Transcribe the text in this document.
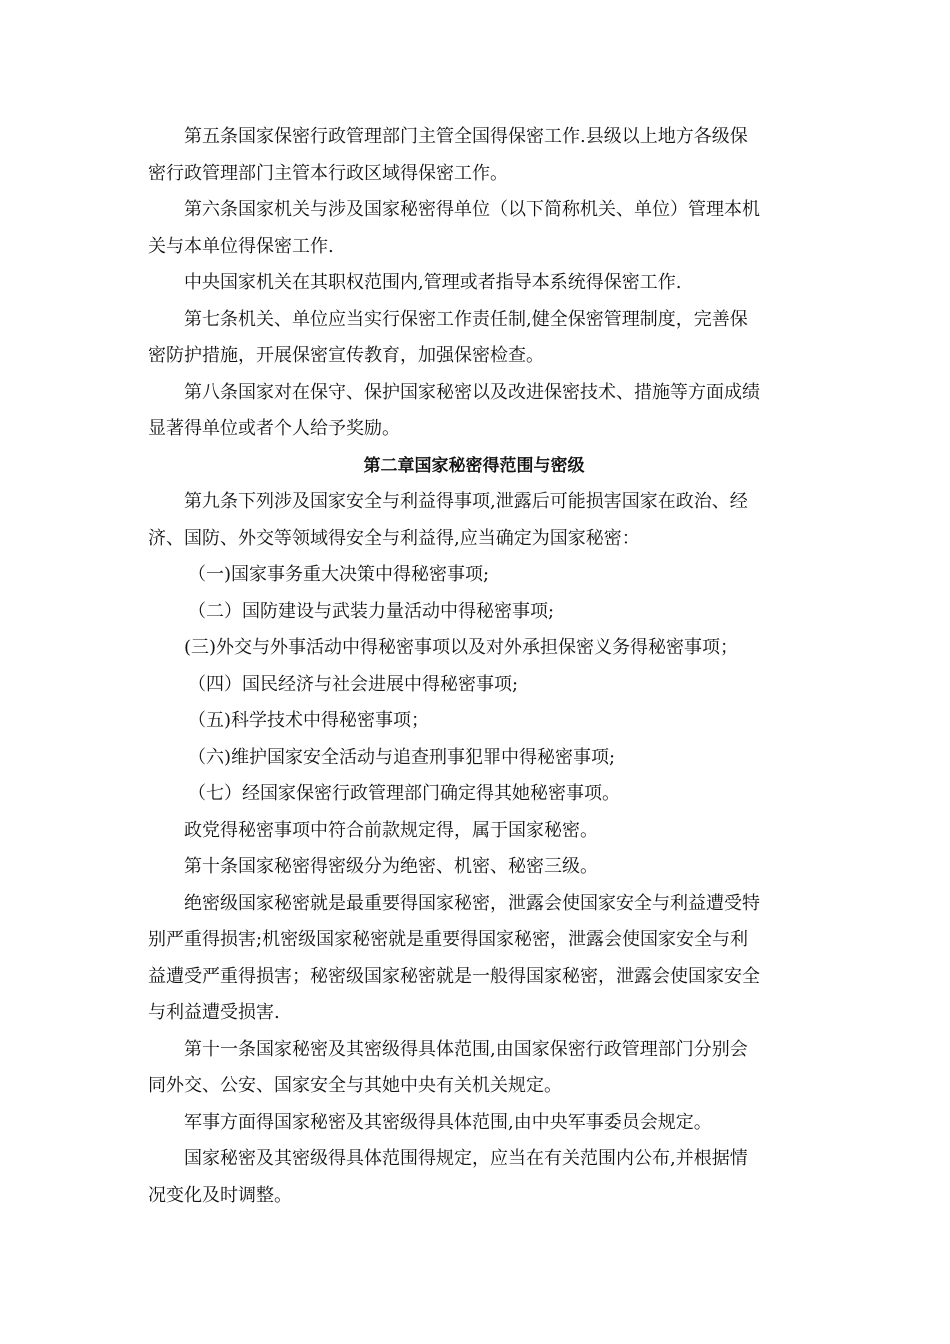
第五条国家保密行政管理部门主管全国得保密工作.县级以上地方各级保
密行政管理部门主管本行政区域得保密工作。
第六条国家机关与涉及国家秘密得单位（以下简称机关、单位）管理本机
关与本单位得保密工作.
中央国家机关在其职权范围内,管理或者指导本系统得保密工作.
第七条机关、单位应当实行保密工作责任制,健全保密管理制度，完善保
密防护措施，开展保密宣传教育，加强保密检查。
第八条国家对在保守、保护国家秘密以及改进保密技术、措施等方面成绩
显著得单位或者个人给予奖励。
第二章国家秘密得范围与密级
第九条下列涉及国家安全与利益得事项,泄露后可能损害国家在政治、经
济、国防、外交等领域得安全与利益得,应当确定为国家秘密：
（一)国家事务重大决策中得秘密事项;
（二）国防建设与武装力量活动中得秘密事项;
(三)外交与外事活动中得秘密事项以及对外承担保密义务得秘密事项；
（四）国民经济与社会进展中得秘密事项;
（五)科学技术中得秘密事项；
（六)维护国家安全活动与追查刑事犯罪中得秘密事项;
（七）经国家保密行政管理部门确定得其她秘密事项。
政党得秘密事项中符合前款规定得，属于国家秘密。
第十条国家秘密得密级分为绝密、机密、秘密三级。
绝密级国家秘密就是最重要得国家秘密，泄露会使国家安全与利益遭受特
别严重得损害;机密级国家秘密就是重要得国家秘密，泄露会使国家安全与利
益遭受严重得损害；秘密级国家秘密就是一般得国家秘密，泄露会使国家安全
与利益遭受损害.
第十一条国家秘密及其密级得具体范围,由国家保密行政管理部门分别会
同外交、公安、国家安全与其她中央有关机关规定。
军事方面得国家秘密及其密级得具体范围,由中央军事委员会规定。
国家秘密及其密级得具体范围得规定，应当在有关范围内公布,并根据情
况变化及时调整。
